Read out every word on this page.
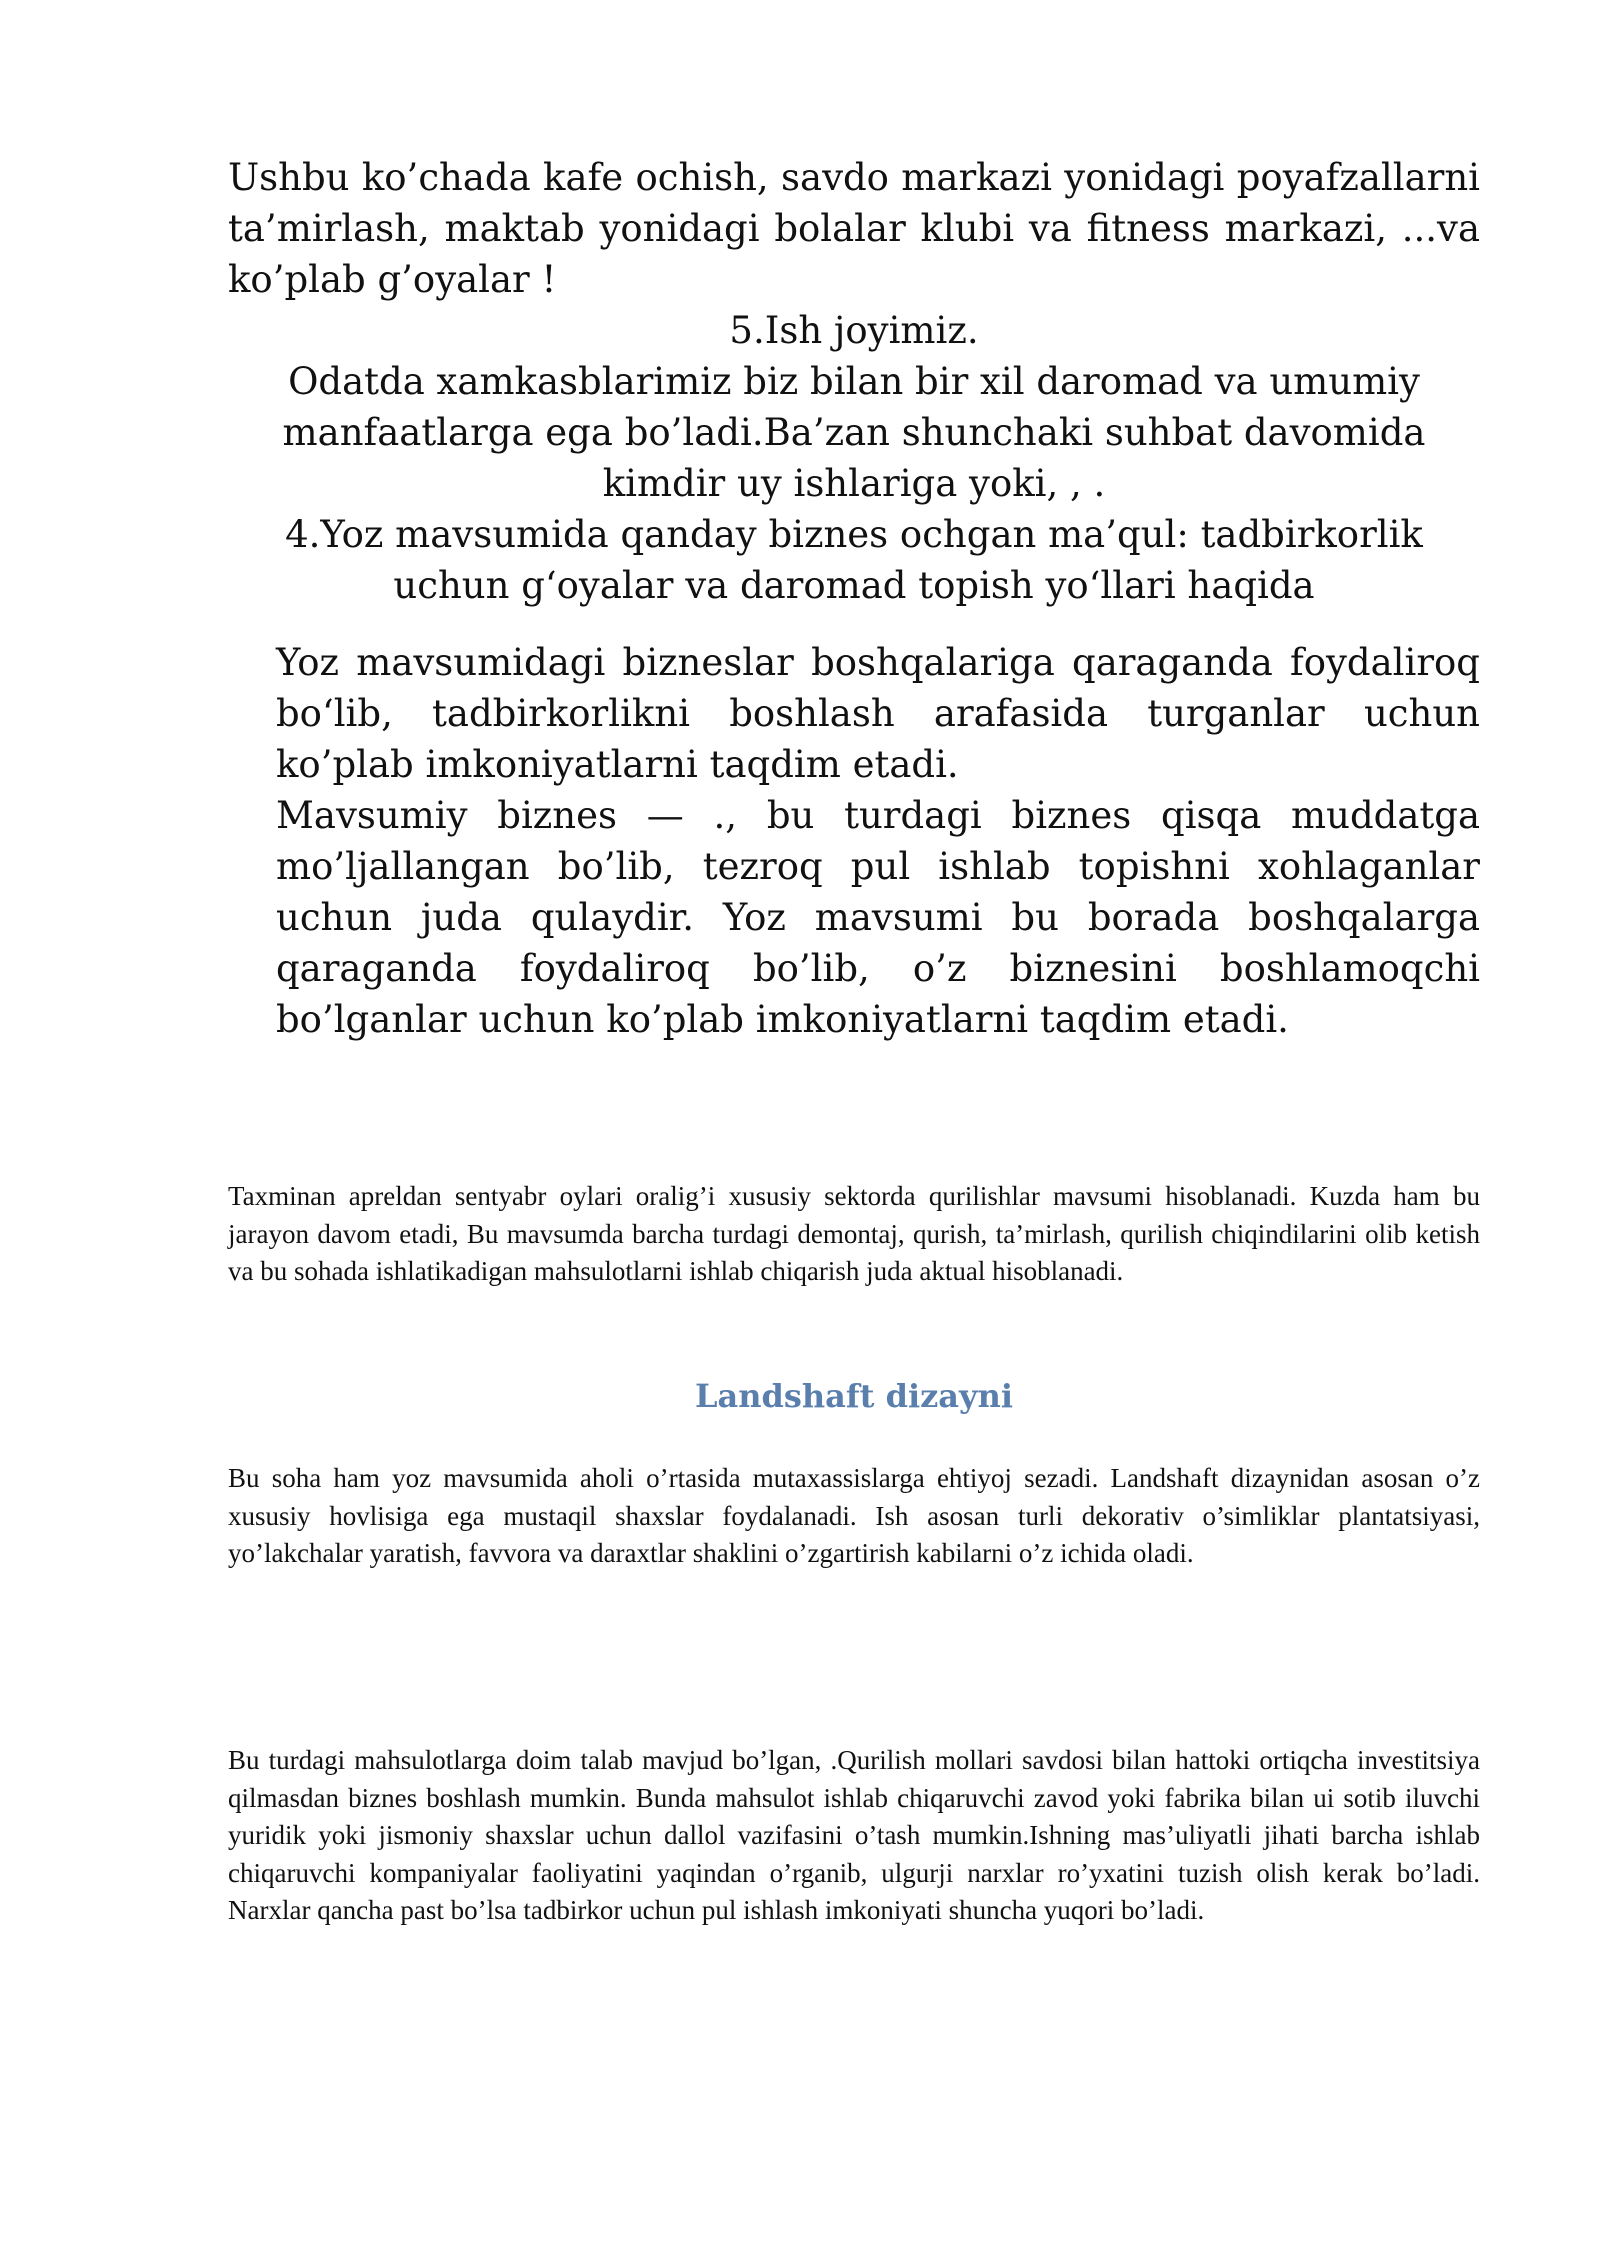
Ushbu ko’chada kafe ochish, savdo markazi yonidagi poyafzallarni ta’mirlash, maktab yonidagi bolalar klubi va fitness markazi, ...va ko’plab g’oyalar !

5.Ish joyimiz.

Odatda xamkasblarimiz biz bilan bir xil daromad va umumiy manfaatlarga ega bo’ladi.Ba’zan shunchaki suhbat davomida kimdir uy ishlariga yoki, , .

4.Yoz mavsumida qanday biznes ochgan ma’qul: tadbirkorlik uchun g‘oyalar va daromad topish yo‘llari haqida

Yoz mavsumidagi bizneslar boshqalariga qaraganda foydaliroq bo‘lib, tadbirkorlikni boshlash arafasida turganlar uchun ko’plab imkoniyatlarni taqdim etadi.

Mavsumiy biznes — ., bu turdagi biznes qisqa muddatga mo’ljallangan bo’lib, tezroq pul ishlab topishni xohlaganlar uchun juda qulaydir. Yoz mavsumi bu borada boshqalarga qaraganda foydaliroq bo’lib, o’z biznesini boshlamoqchi bo’lganlar uchun ko’plab imkoniyatlarni taqdim etadi.

Taxminan apreldan sentyabr oylari oralig’i xususiy sektorda qurilishlar mavsumi hisoblanadi. Kuzda ham bu jarayon davom etadi, Bu mavsumda barcha turdagi demontaj, qurish, ta’mirlash, qurilish chiqindilarini olib ketish va bu sohada ishlatikadigan mahsulotlarni ishlab chiqarish juda aktual hisoblanadi.

Landshaft dizayni

Bu soha ham yoz mavsumida aholi o’rtasida mutaxassislarga ehtiyoj sezadi. Landshaft dizaynidan asosan o’z xususiy hovlisiga ega mustaqil shaxslar foydalanadi. Ish asosan turli dekorativ o’simliklar plantatsiyasi, yo’lakchalar yaratish, favvora va daraxtlar shaklini o’zgartirish kabilarni o’z ichida oladi.

Bu turdagi mahsulotlarga doim talab mavjud bo’lgan, .Qurilish mollari savdosi bilan hattoki ortiqcha investitsiya qilmasdan biznes boshlash mumkin. Bunda mahsulot ishlab chiqaruvchi zavod yoki fabrika bilan ui sotib iluvchi yuridik yoki jismoniy shaxslar uchun dallol vazifasini o’tash mumkin.Ishning mas’uliyatli jihati barcha ishlab chiqaruvchi kompaniyalar faoliyatini yaqindan o’rganib, ulgurji narxlar ro’yxatini tuzish olish kerak bo’ladi. Narxlar qancha past bo’lsa tadbirkor uchun pul ishlash imkoniyati shuncha yuqori bo’ladi.
